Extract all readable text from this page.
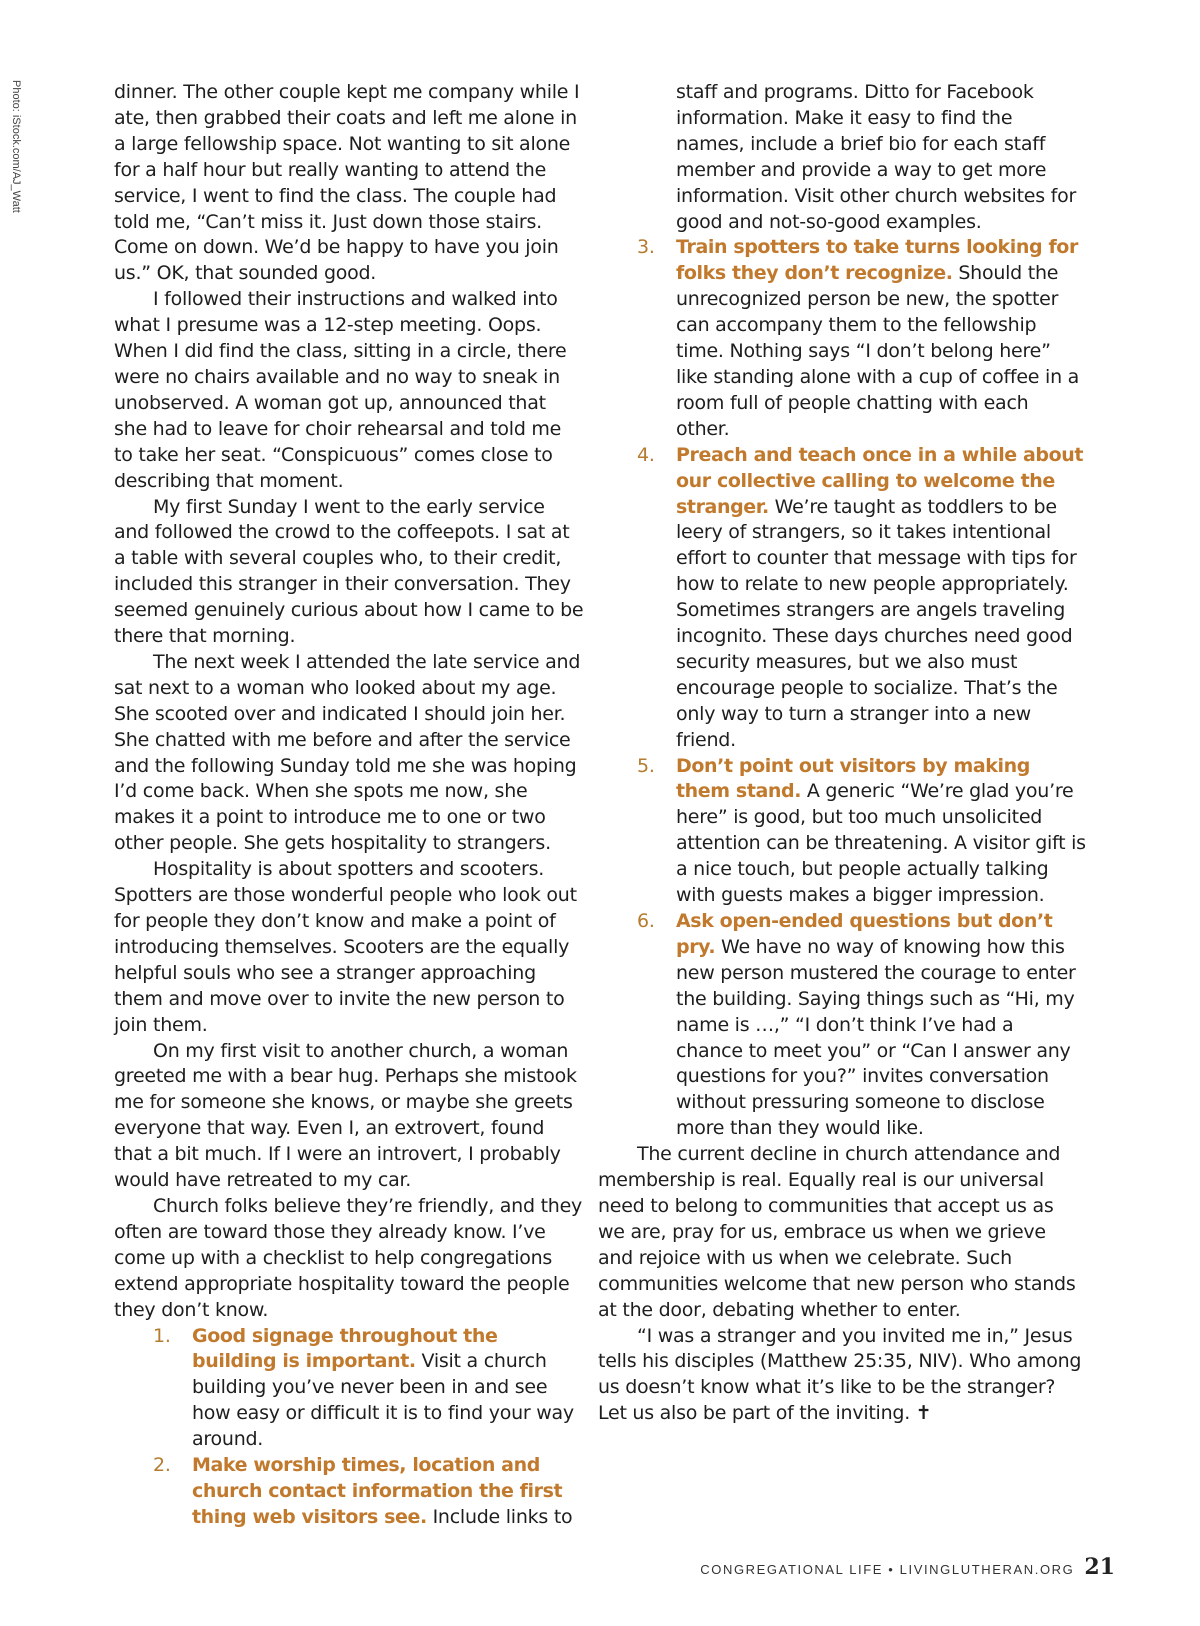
Photo: iStock.com/AJ_Watt	dinner. The other couple kept me company while I ate, then grabbed their coats and left me alone in a large fellowship space. Not wanting to sit alone for a half hour but really wanting to attend the service, I went to find the class. The couple had told me, “Can’t miss it. Just down those stairs. Come on down. We’d be happy to have you join us.” OK, that sounded good.

I followed their instructions and walked into what I presume was a 12-step meeting. Oops. When I did find the class, sitting in a circle, there were no chairs available and no way to sneak in unobserved. A woman got up, announced that she had to leave for choir rehearsal and told me to take her seat. “Conspicuous” comes close to describing that moment.

My first Sunday I went to the early service and followed the crowd to the coffeepots. I sat at a table with several couples who, to their credit, included this stranger in their conversation. They seemed genuinely curious about how I came to be there that morning.

The next week I attended the late service and sat next to a woman who looked about my age. She scooted over and indicated I should join her. She chatted with me before and after the service and the following Sunday told me she was hoping I’d come back. When she spots me now, she makes it a point to introduce me to one or two other people. She gets hospitality to strangers.

Hospitality is about spotters and scooters. Spotters are those wonderful people who look out for people they don’t know and make a point of introducing themselves. Scooters are the equally helpful souls who see a stranger approaching them and move over to invite the new person to join them.

On my first visit to another church, a woman greeted me with a bear hug. Perhaps she mistook me for someone she knows, or maybe she greets everyone that way. Even I, an extrovert, found that a bit much. If I were an introvert, I probably would have retreated to my car.

Church folks believe they’re friendly, and they often are toward those they already know. I’ve come up with a checklist to help congregations extend appropriate hospitality toward the people they don’t know.

1.	Good signage throughout the building is important. Visit a church building you’ve never been in and see how easy or difficult it is to find your way around.
2.	Make worship times, location and church contact information the first thing web visitors see. Include links to

staff and programs. Ditto for Facebook information. Make it easy to find the names, include a brief bio for each staff member and provide a way to get more information. Visit other church websites for good and not-so-good examples.

3.	Train spotters to take turns looking for folks they don’t recognize. Should the unrecognized person be new, the spotter can accompany them to the fellowship time. Nothing says “I don’t belong here” like standing alone with a cup of coffee in a room full of people chatting with each other.
4.	Preach and teach once in a while about our collective calling to welcome the stranger. We’re taught as toddlers to be leery of strangers, so it takes intentional effort to counter that message with tips for how to relate to new people appropriately. Sometimes strangers are angels traveling incognito. These days churches need good security measures, but we also must encourage people to socialize. That’s the only way to turn a stranger into a new friend.
5.	Don’t point out visitors by making them stand. A generic “We’re glad you’re here” is good, but too much unsolicited attention can be threatening. A visitor gift is a nice touch, but people actually talking with guests makes a bigger impression.
6.	Ask open-ended questions but don’t pry. We have no way of knowing how this new person mustered the courage to enter the building. Saying things such as “Hi, my name is …,” “I don’t think I’ve had a chance to meet you” or “Can I answer any questions for you?” invites conversation without pressuring someone to disclose more than they would like.

The current decline in church attendance and membership is real. Equally real is our universal need to belong to communities that accept us as we are, pray for us, embrace us when we grieve and rejoice with us when we celebrate. Such communities welcome that new person who stands at the door, debating whether to enter.

“I was a stranger and you invited me in,” Jesus tells his disciples (Matthew 25:35, NIV). Who among us doesn’t know what it’s like to be the stranger? Let us also be part of the inviting. ✝

CONGREGATIONAL LIFE • LIVINGLUTHERAN.ORG 21
